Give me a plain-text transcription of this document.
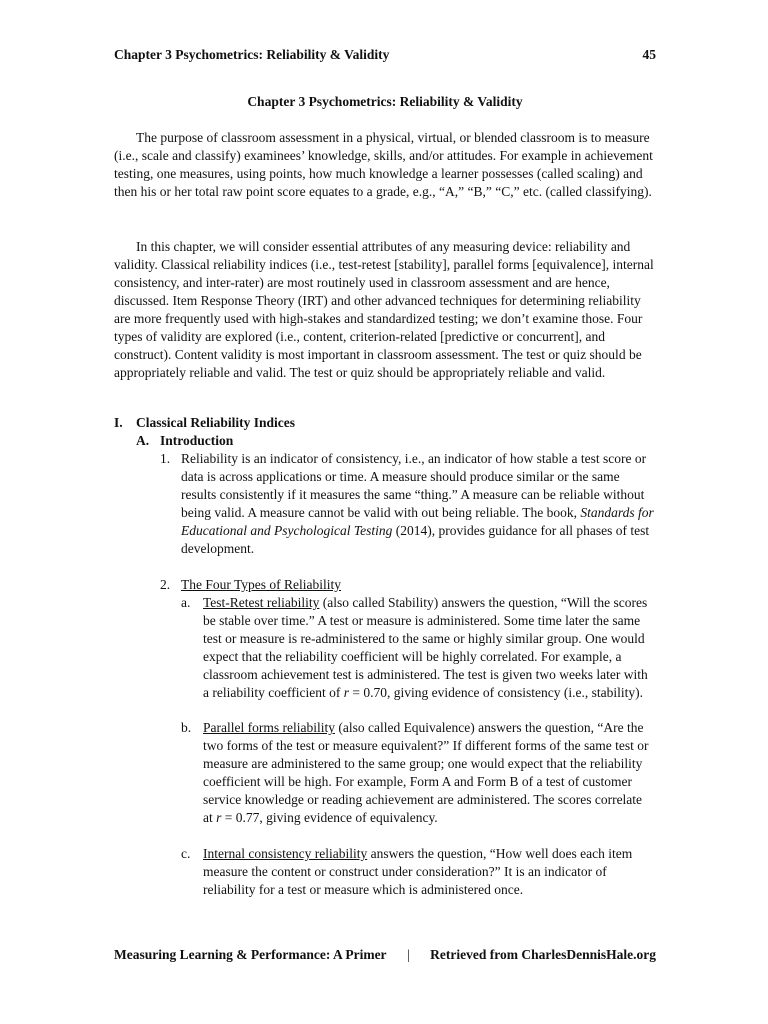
Chapter 3 Psychometrics: Reliability & Validity	45
Chapter 3 Psychometrics: Reliability & Validity

The purpose of classroom assessment in a physical, virtual, or blended classroom is to measure (i.e., scale and classify) examinees’ knowledge, skills, and/or attitudes. For example in achievement testing, one measures, using points, how much knowledge a learner possesses (called scaling) and then his or her total raw point score equates to a grade, e.g., “A,” “B,” “C,” etc. (called classifying).

In this chapter, we will consider essential attributes of any measuring device: reliability and validity. Classical reliability indices (i.e., test-retest [stability], parallel forms [equivalence], internal consistency, and inter-rater) are most routinely used in classroom assessment and are hence, discussed. Item Response Theory (IRT) and other advanced techniques for determining reliability are more frequently used with high-stakes and standardized testing; we don’t examine those. Four types of validity are explored (i.e., content, criterion-related [predictive or concurrent], and construct). Content validity is most important in classroom assessment. The test or quiz should be appropriately reliable and valid. The test or quiz should be appropriately reliable and valid.

I. Classical Reliability Indices
A. Introduction
1. Reliability is an indicator of consistency, i.e., an indicator of how stable a test score or data is across applications or time. A measure should produce similar or the same results consistently if it measures the same “thing.” A measure can be reliable without being valid. A measure cannot be valid with out being reliable. The book, Standards for Educational and Psychological Testing (2014), provides guidance for all phases of test development.
2. The Four Types of Reliability
a. Test-Retest reliability (also called Stability) answers the question, “Will the scores be stable over time.” A test or measure is administered. Some time later the same test or measure is re-administered to the same or highly similar group. One would expect that the reliability coefficient will be highly correlated. For example, a classroom achievement test is administered. The test is given two weeks later with a reliability coefficient of r = 0.70, giving evidence of consistency (i.e., stability).
b. Parallel forms reliability (also called Equivalence) answers the question, “Are the two forms of the test or measure equivalent?” If different forms of the same test or measure are administered to the same group; one would expect that the reliability coefficient will be high. For example, Form A and Form B of a test of customer service knowledge or reading achievement are administered. The scores correlate at r = 0.77, giving evidence of equivalency.
c. Internal consistency reliability answers the question, “How well does each item measure the content or construct under consideration?” It is an indicator of reliability for a test or measure which is administered once.
Measuring Learning & Performance: A Primer	|	Retrieved from CharlesDennisHale.org
